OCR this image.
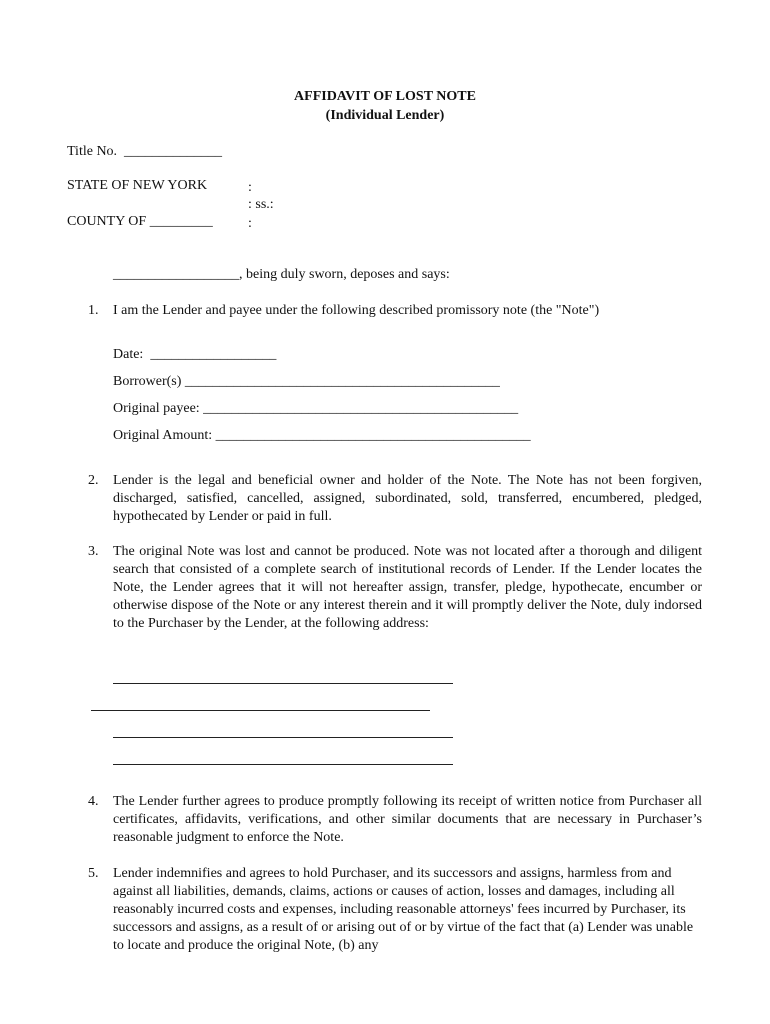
AFFIDAVIT OF LOST NOTE
(Individual Lender)
Title No.  ______________
STATE OF NEW YORK	:
: ss.:
COUNTY OF _________	:
__________________, being duly sworn, deposes and says:
1. I am the Lender and payee under the following described promissory note (the "Note")
Date:  __________________
Borrower(s) _____________________________________________
Original payee: _____________________________________________
Original Amount: _____________________________________________
2. Lender is the legal and beneficial owner and holder of the Note. The Note has not been forgiven, discharged, satisfied, cancelled, assigned, subordinated, sold, transferred, encumbered, pledged, hypothecated by Lender or paid in full.
3. The original Note was lost and cannot be produced. Note was not located after a thorough and diligent search that consisted of a complete search of institutional records of Lender. If the Lender locates the Note, the Lender agrees that it will not hereafter assign, transfer, pledge, hypothecate, encumber or otherwise dispose of the Note or any interest therein and it will promptly deliver the Note, duly indorsed to the Purchaser by the Lender, at the following address:
4. The Lender further agrees to produce promptly following its receipt of written notice from Purchaser all certificates, affidavits, verifications, and other similar documents that are necessary in Purchaser’s reasonable judgment to enforce the Note.
5. Lender indemnifies and agrees to hold Purchaser, and its successors and assigns, harmless from and against all liabilities, demands, claims, actions or causes of action, losses and damages, including all reasonably incurred costs and expenses, including reasonable attorneys' fees incurred by Purchaser, its successors and assigns, as a result of or arising out of or by virtue of the fact that (a) Lender was unable to locate and produce the original Note, (b) any
